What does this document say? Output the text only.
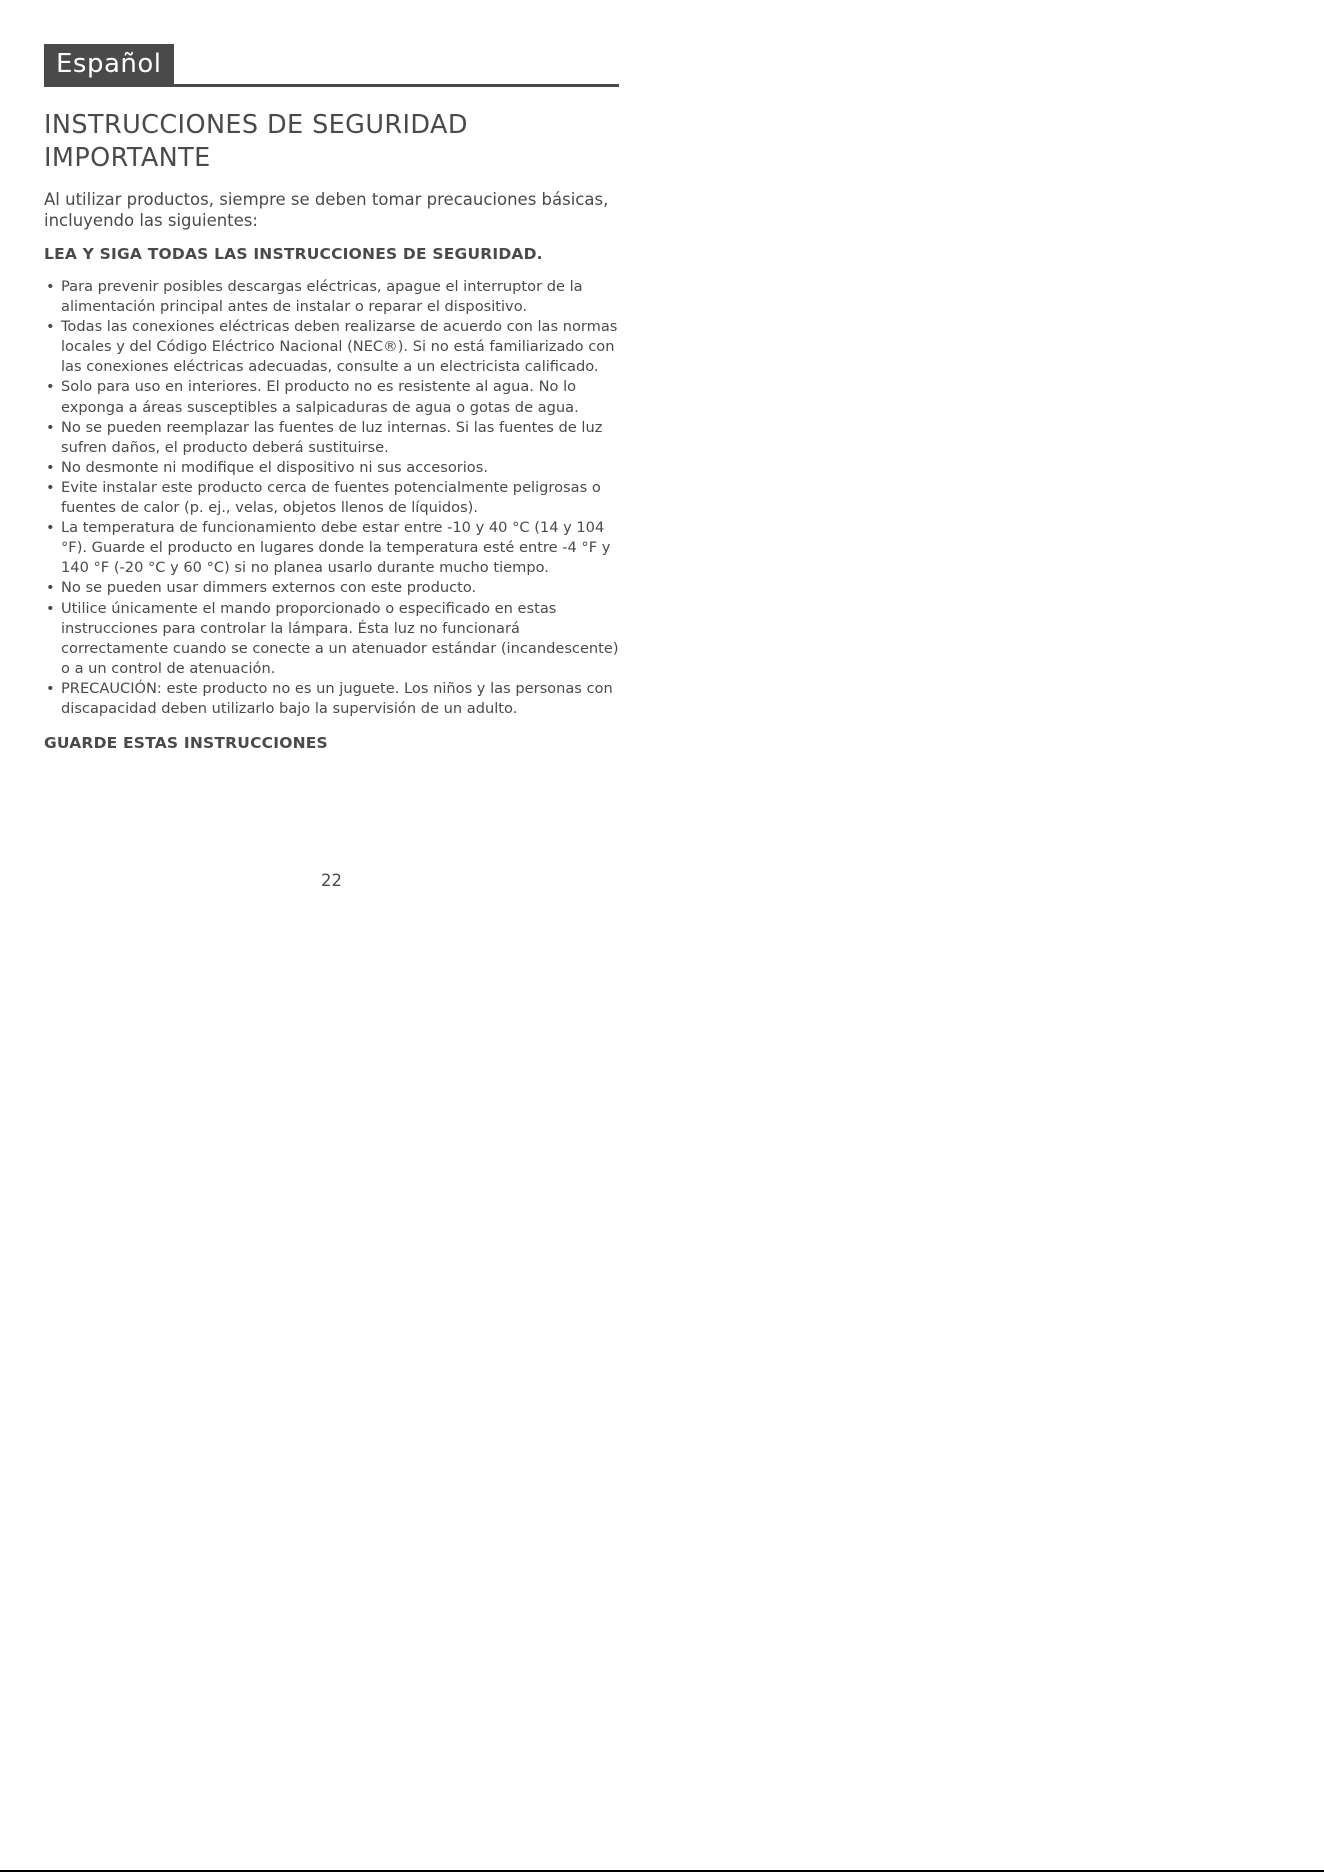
Español
INSTRUCCIONES DE SEGURIDAD IMPORTANTE

Al utilizar productos, siempre se deben tomar precauciones básicas, incluyendo las siguientes:

LEA Y SIGA TODAS LAS INSTRUCCIONES DE SEGURIDAD.

• Para prevenir posibles descargas eléctricas, apague el interruptor de la alimentación principal antes de instalar o reparar el dispositivo.
• Todas las conexiones eléctricas deben realizarse de acuerdo con las normas locales y del Código Eléctrico Nacional (NEC®). Si no está familiarizado con las conexiones eléctricas adecuadas, consulte a un electricista calificado.
• Solo para uso en interiores. El producto no es resistente al agua. No lo exponga a áreas susceptibles a salpicaduras de agua o gotas de agua.
• No se pueden reemplazar las fuentes de luz internas. Si las fuentes de luz sufren daños, el producto deberá sustituirse.
• No desmonte ni modifique el dispositivo ni sus accesorios.
• Evite instalar este producto cerca de fuentes potencialmente peligrosas o fuentes de calor (p. ej., velas, objetos llenos de líquidos).
• La temperatura de funcionamiento debe estar entre -10 y 40 °C (14 y 104 °F). Guarde el producto en lugares donde la temperatura esté entre -4 °F y 140 °F (-20 °C y 60 °C) si no planea usarlo durante mucho tiempo.
• No se pueden usar dimmers externos con este producto.
• Utilice únicamente el mando proporcionado o especificado en estas instrucciones para controlar la lámpara. Ésta luz no funcionará correctamente cuando se conecte a un atenuador estándar (incandescente) o a un control de atenuación.
• PRECAUCIÓN: este producto no es un juguete. Los niños y las personas con discapacidad deben utilizarlo bajo la supervisión de un adulto.

GUARDE ESTAS INSTRUCCIONES

22
